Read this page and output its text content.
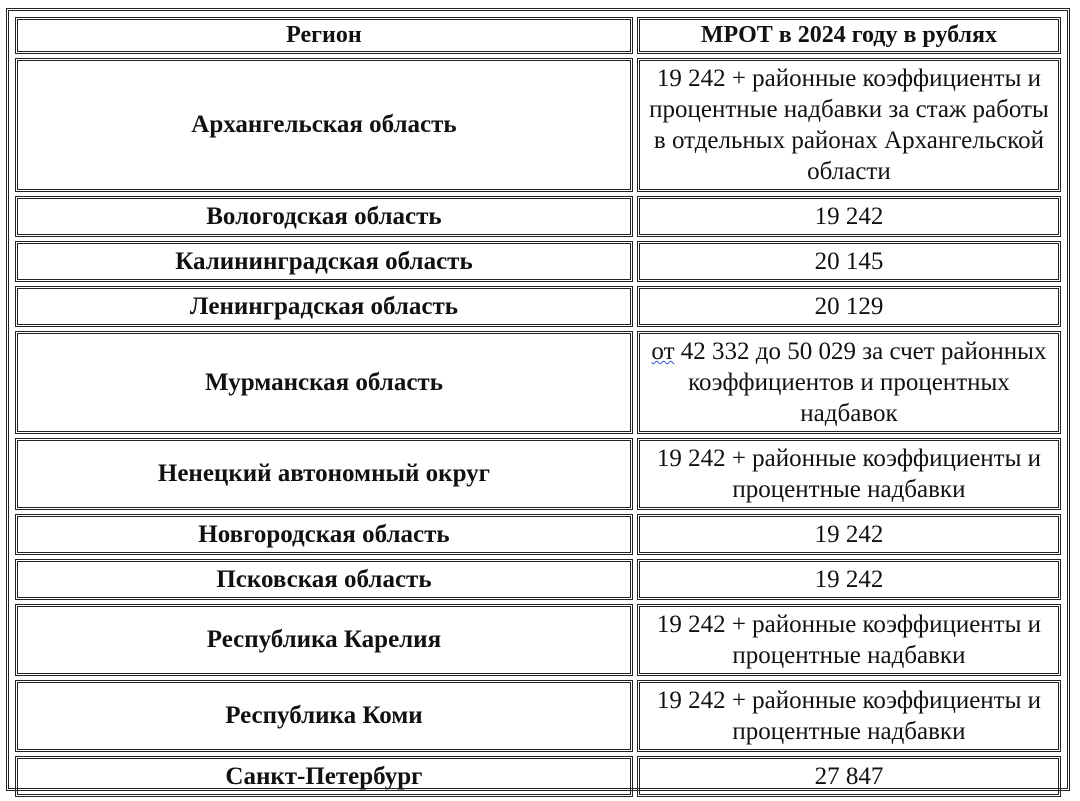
Регион	МРОТ в 2024 году в рублях
Архангельская область	19 242 + районные коэффициенты и процентные надбавки за стаж работы в отдельных районах Архангельской области
Вологодская область	19 242
Калининградская область	20 145
Ленинградская область	20 129
Мурманская область	от 42 332 до 50 029 за счет районных коэффициентов и процентных надбавок
Ненецкий автономный округ	19 242 + районные коэффициенты и процентные надбавки
Новгородская область	19 242
Псковская область	19 242
Республика Карелия	19 242 + районные коэффициенты и процентные надбавки
Республика Коми	19 242 + районные коэффициенты и процентные надбавки
Санкт-Петербург	27 847
